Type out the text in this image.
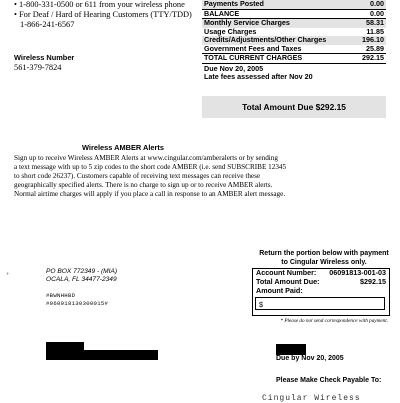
• 1-800-331-0500 or 611 from your wireless phone
• For Deaf / Hard of Hearing Customers (TTY/TDD)
1-866-241-6567
Wireless Number
561-379-7824
Payments Posted	0.00
BALANCE	0.00
Monthly Service Charges	58.31
Usage Charges	11.85
Credits/Adjustments/Other Charges	196.10
Government Fees and Taxes	25.89
TOTAL CURRENT CHARGES	292.15
Due Nov 20, 2005
Late fees assessed after Nov 20
Total Amount Due $292.15
Wireless AMBER Alerts
Sign up to receive Wireless AMBER Alerts at www.cingular.com/amberalerts or by sending
a text message with up to 5 zip codes to the short code AMBER (i.e. send SUBSCRIBE 12345
to short code 26237). Customers capable of receiving text messages can receive these
geographically specified alerts. There is no charge to sign up or to receive AMBER alerts.
Normal airtime charges will apply if you place a call in response to an AMBER alert message.
Return the portion below with payment to Cingular Wireless only.
+	PO BOX 772349 - (MIA)
OCALA, FL 34477-2349
#BWNHHBD
#060918130300015#
Account Number: 06091813-001-03
Total Amount Due:	$292.15
Amount Paid:
$
* Please do not send correspondence with payment.
Due by Nov 20, 2005
Please Make Check Payable To:
Cingular Wireless
